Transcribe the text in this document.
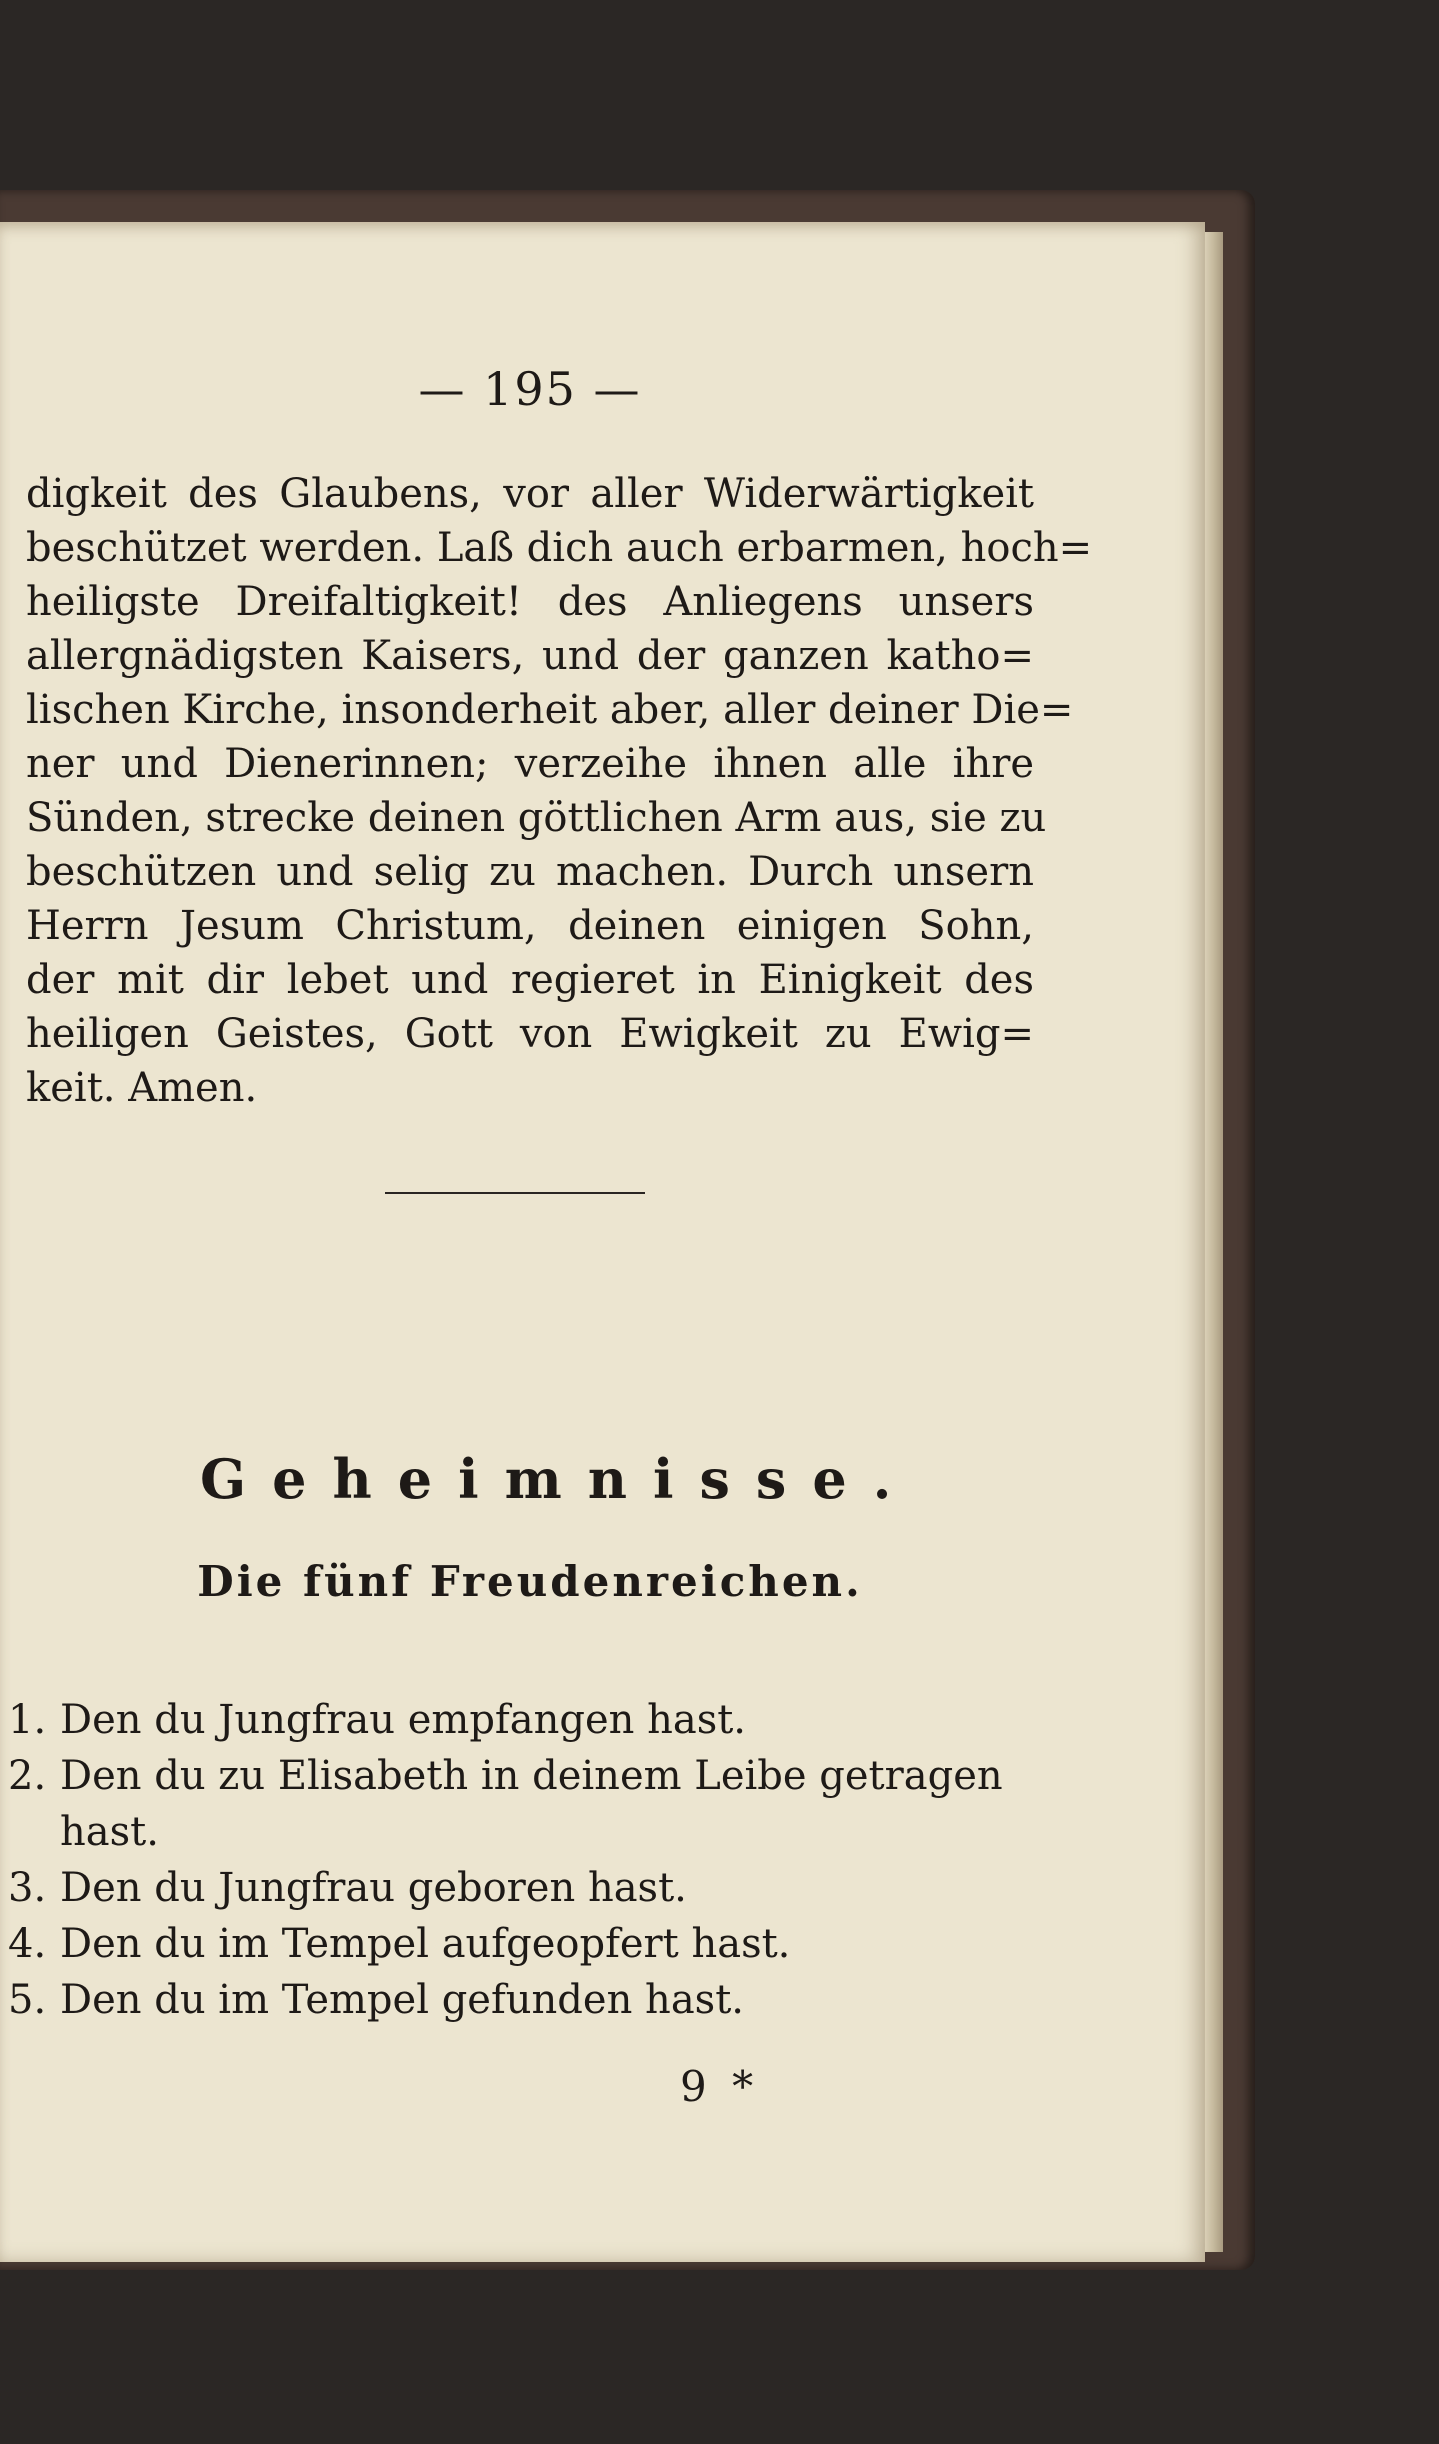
— 195 —
digkeit des Glaubens, vor aller Widerwärtigkeit
beschützet werden. Laß dich auch erbarmen, hoch=
heiligste Dreifaltigkeit! des Anliegens unsers
allergnädigsten Kaisers, und der ganzen katho=
lischen Kirche, insonderheit aber, aller deiner Die=
ner und Dienerinnen; verzeihe ihnen alle ihre
Sünden, strecke deinen göttlichen Arm aus, sie zu
beschützen und selig zu machen. Durch unsern
Herrn Jesum Christum, deinen einigen Sohn,
der mit dir lebet und regieret in Einigkeit des
heiligen Geistes, Gott von Ewigkeit zu Ewig=
keit. Amen.
Geheimnisse.
Die fünf Freudenreichen.
1. Den du Jungfrau empfangen hast.
2. Den du zu Elisabeth in deinem Leibe getragen hast.
3. Den du Jungfrau geboren hast.
4. Den du im Tempel aufgeopfert hast.
5. Den du im Tempel gefunden hast.
9 *
